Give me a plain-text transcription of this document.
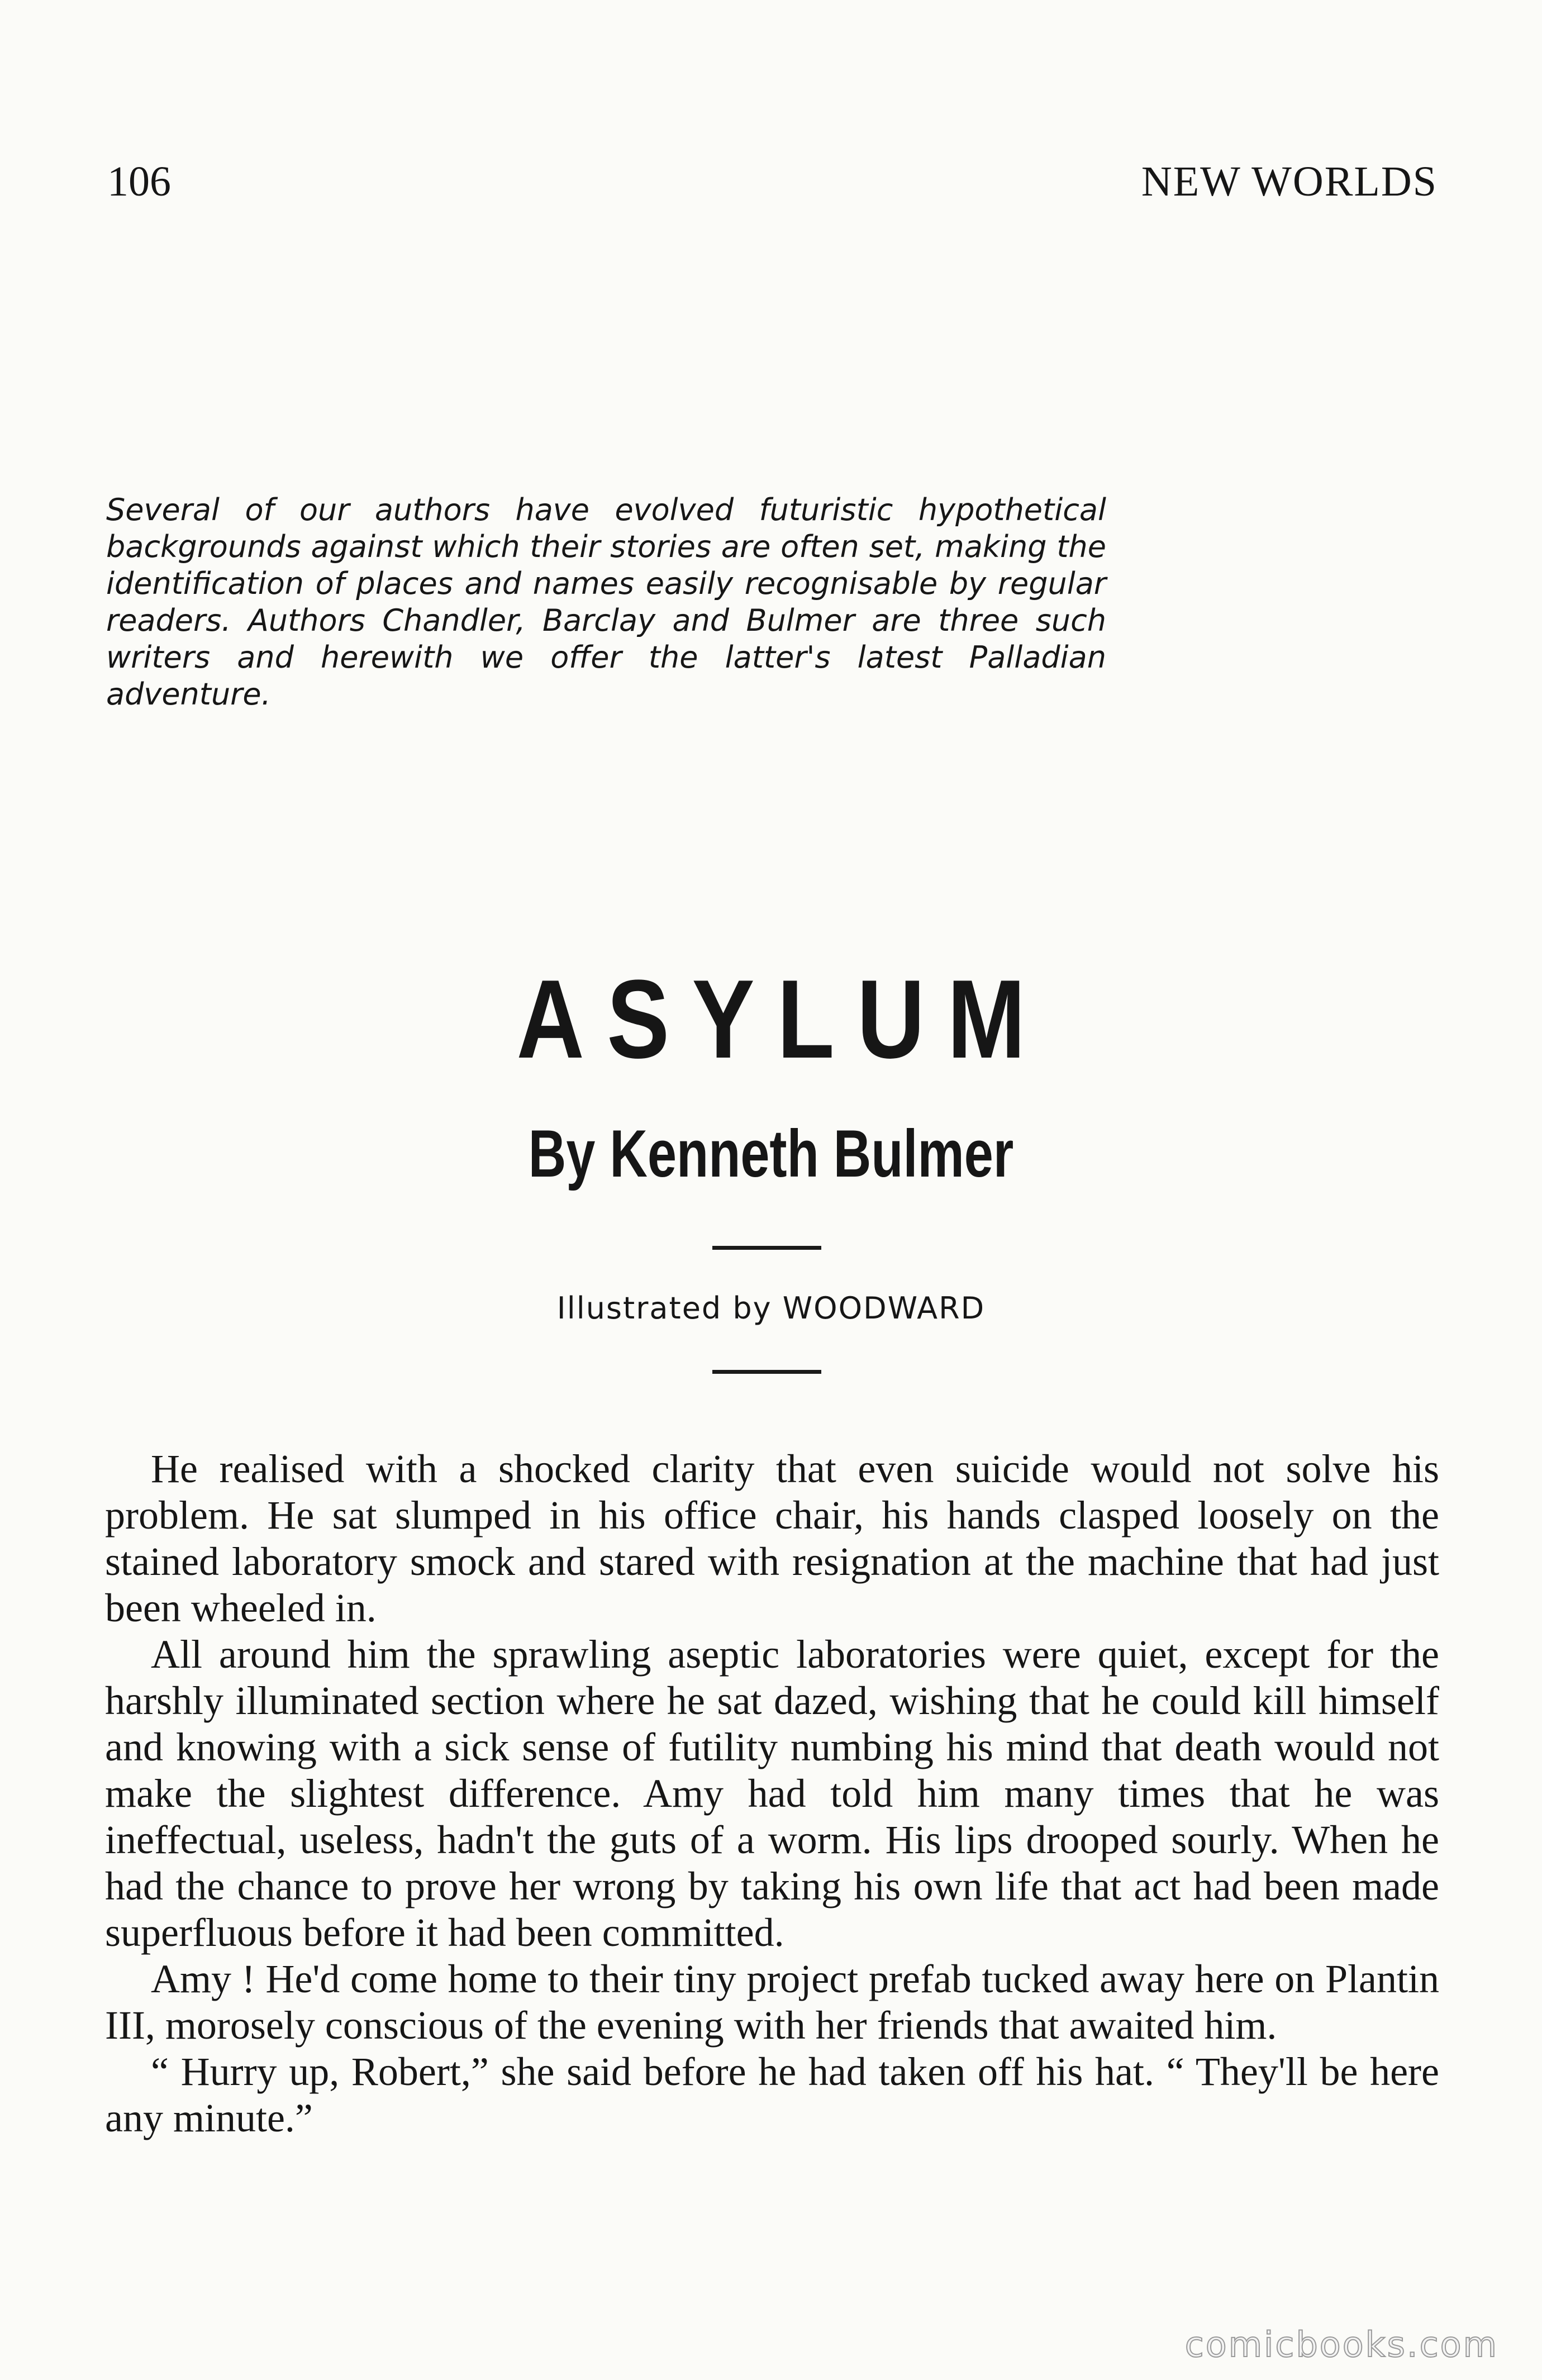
106	NEW WORLDS

Several of our authors have evolved futuristic hypothetical backgrounds against which their stories are often set, making the identification of places and names easily recognisable by regular readers. Authors Chandler, Barclay and Bulmer are three such writers and herewith we offer the latter's latest Palladian adventure.

ASYLUM
By Kenneth Bulmer
Illustrated by WOODWARD

He realised with a shocked clarity that even suicide would not solve his problem. He sat slumped in his office chair, his hands clasped loosely on the stained laboratory smock and stared with resignation at the machine that had just been wheeled in.

All around him the sprawling aseptic laboratories were quiet, except for the harshly illuminated section where he sat dazed, wishing that he could kill himself and knowing with a sick sense of futility numbing his mind that death would not make the slightest difference. Amy had told him many times that he was ineffectual, useless, hadn't the guts of a worm. His lips drooped sourly. When he had the chance to prove her wrong by taking his own life that act had been made superfluous before it had been committed.

Amy ! He'd come home to their tiny project prefab tucked away here on Plantin III, morosely conscious of the evening with her friends that awaited him.

“ Hurry up, Robert,” she said before he had taken off his hat. “ They'll be here any minute.”

comicbooks.com
